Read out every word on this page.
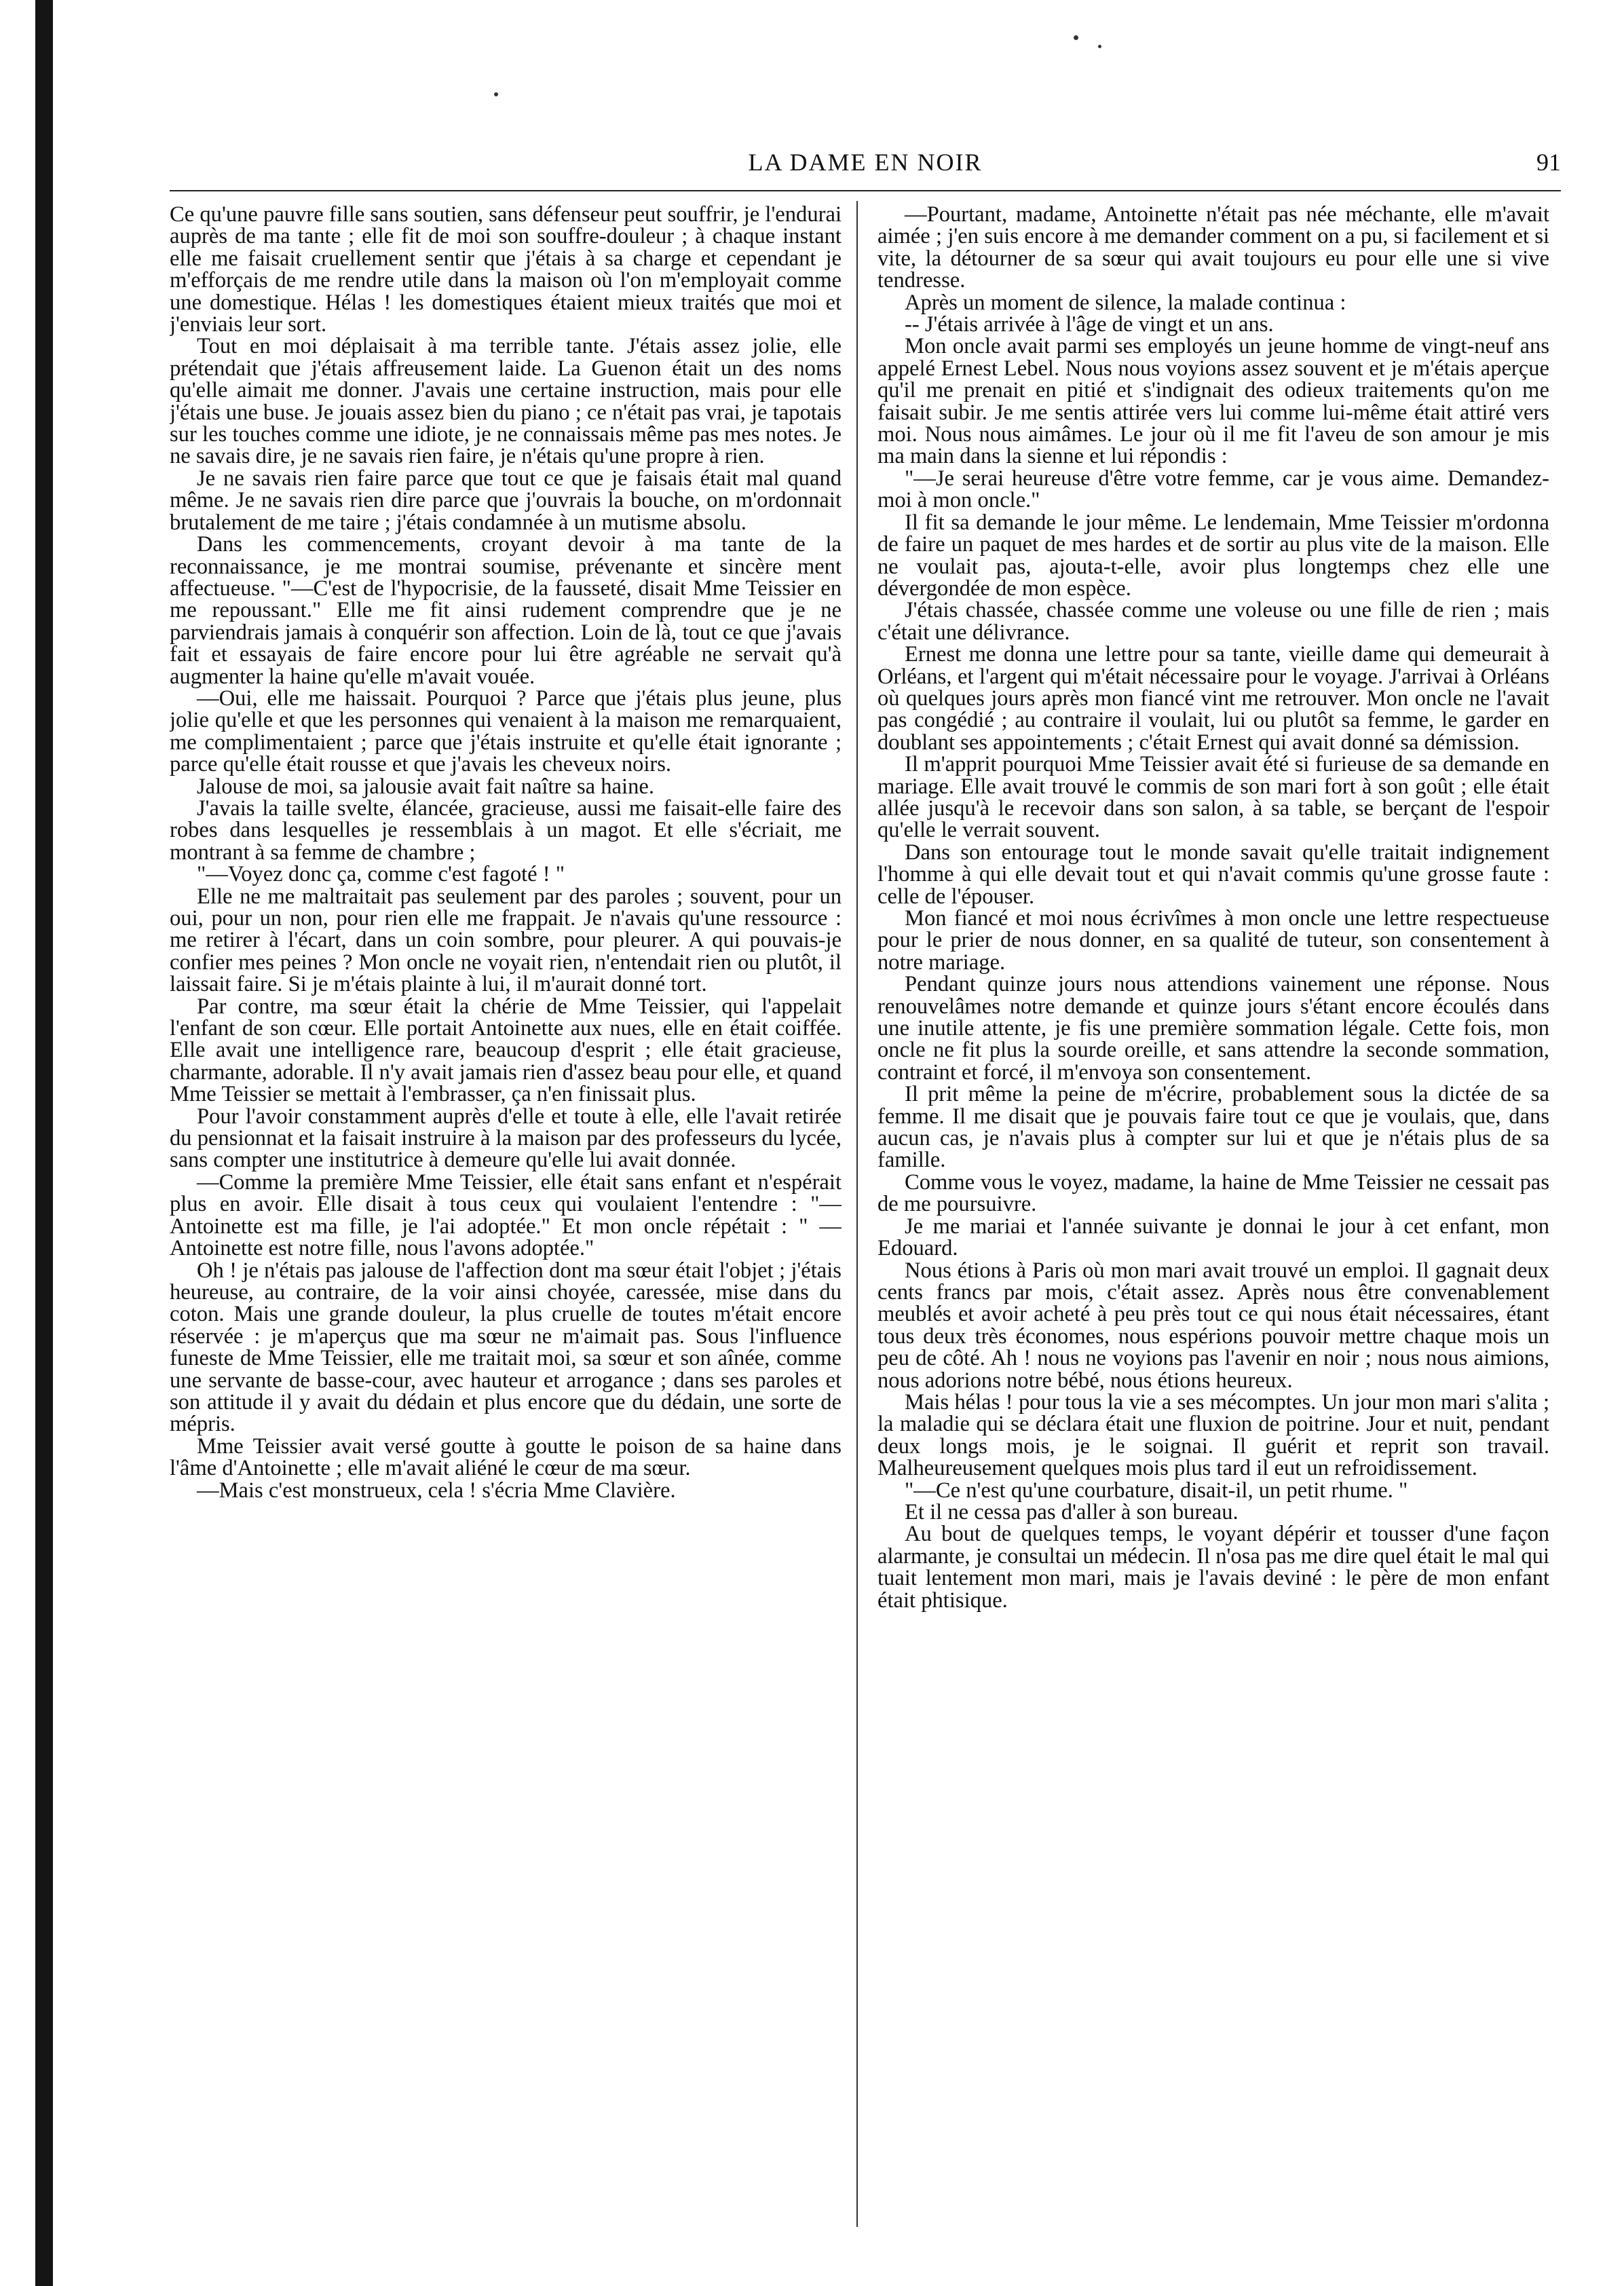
LA DAME EN NOIR	91

Ce qu'une pauvre fille sans soutien, sans défenseur peut souffrir, je l'endurai auprès de ma tante ; elle fit de moi son souffre-douleur ; à chaque instant elle me faisait cruellement sentir que j'étais à sa charge et cependant je m'efforçais de me rendre utile dans la maison où l'on m'employait comme une domestique. Hélas ! les domestiques étaient mieux traités que moi et j'enviais leur sort.

Tout en moi déplaisait à ma terrible tante. J'étais assez jolie, elle prétendait que j'étais affreusement laide. La Guenon était un des noms qu'elle aimait me donner. J'avais une certaine instruction, mais pour elle j'étais une buse. Je jouais assez bien du piano ; ce n'était pas vrai, je tapotais sur les touches comme une idiote, je ne connaissais même pas mes notes. Je ne savais dire, je ne savais rien faire, je n'étais qu'une propre à rien.

Je ne savais rien faire parce que tout ce que je faisais était mal quand même. Je ne savais rien dire parce que j'ouvrais la bouche, on m'ordonnait brutalement de me taire ; j'étais condamnée à un mutisme absolu.

Dans les commencements, croyant devoir à ma tante de la reconnaissance, je me montrai soumise, prévenante et sincère ment affectueuse. "—C'est de l'hypocrisie, de la fausseté, disait Mme Teissier en me repoussant." Elle me fit ainsi rudement comprendre que je ne parviendrais jamais à conquérir son affection. Loin de là, tout ce que j'avais fait et essayais de faire encore pour lui être agréable ne servait qu'à augmenter la haine qu'elle m'avait vouée.

—Oui, elle me haissait. Pourquoi ? Parce que j'étais plus jeune, plus jolie qu'elle et que les personnes qui venaient à la maison me remarquaient, me complimentaient ; parce que j'étais instruite et qu'elle était ignorante ; parce qu'elle était rousse et que j'avais les cheveux noirs.

Jalouse de moi, sa jalousie avait fait naître sa haine.

J'avais la taille svelte, élancée, gracieuse, aussi me faisait-elle faire des robes dans lesquelles je ressemblais à un magot. Et elle s'écriait, me montrant à sa femme de chambre ;

"—Voyez donc ça, comme c'est fagoté ! "

Elle ne me maltraitait pas seulement par des paroles ; souvent, pour un oui, pour un non, pour rien elle me frappait. Je n'avais qu'une ressource : me retirer à l'écart, dans un coin sombre, pour pleurer. A qui pouvais-je confier mes peines ? Mon oncle ne voyait rien, n'entendait rien ou plutôt, il laissait faire. Si je m'étais plainte à lui, il m'aurait donné tort.

Par contre, ma sœur était la chérie de Mme Teissier, qui l'appelait l'enfant de son cœur. Elle portait Antoinette aux nues, elle en était coiffée. Elle avait une intelligence rare, beaucoup d'esprit ; elle était gracieuse, charmante, adorable. Il n'y avait jamais rien d'assez beau pour elle, et quand Mme Teissier se mettait à l'embrasser, ça n'en finissait plus.

Pour l'avoir constamment auprès d'elle et toute à elle, elle l'avait retirée du pensionnat et la faisait instruire à la maison par des professeurs du lycée, sans compter une institutrice à demeure qu'elle lui avait donnée.

—Comme la première Mme Teissier, elle était sans enfant et n'espérait plus en avoir. Elle disait à tous ceux qui voulaient l'entendre : "—Antoinette est ma fille, je l'ai adoptée." Et mon oncle répétait : " — Antoinette est notre fille, nous l'avons adoptée."

Oh ! je n'étais pas jalouse de l'affection dont ma sœur était l'objet ; j'étais heureuse, au contraire, de la voir ainsi choyée, caressée, mise dans du coton. Mais une grande douleur, la plus cruelle de toutes m'était encore réservée : je m'aperçus que ma sœur ne m'aimait pas. Sous l'influence funeste de Mme Teissier, elle me traitait moi, sa sœur et son aînée, comme une servante de basse-cour, avec hauteur et arrogance ; dans ses paroles et son attitude il y avait du dédain et plus encore que du dédain, une sorte de mépris.

Mme Teissier avait versé goutte à goutte le poison de sa haine dans l'âme d'Antoinette ; elle m'avait aliéné le cœur de ma sœur.

—Mais c'est monstrueux, cela ! s'écria Mme Clavière.

—Pourtant, madame, Antoinette n'était pas née méchante, elle m'avait aimée ; j'en suis encore à me demander comment on a pu, si facilement et si vite, la détourner de sa sœur qui avait toujours eu pour elle une si vive tendresse.

Après un moment de silence, la malade continua :

-- J'étais arrivée à l'âge de vingt et un ans.

Mon oncle avait parmi ses employés un jeune homme de vingt-neuf ans appelé Ernest Lebel. Nous nous voyions assez souvent et je m'étais aperçue qu'il me prenait en pitié et s'indignait des odieux traitements qu'on me faisait subir. Je me sentis attirée vers lui comme lui-même était attiré vers moi. Nous nous aimâmes. Le jour où il me fit l'aveu de son amour je mis ma main dans la sienne et lui répondis :

"—Je serai heureuse d'être votre femme, car je vous aime. Demandez-moi à mon oncle."

Il fit sa demande le jour même. Le lendemain, Mme Teissier m'ordonna de faire un paquet de mes hardes et de sortir au plus vite de la maison. Elle ne voulait pas, ajouta-t-elle, avoir plus longtemps chez elle une dévergondée de mon espèce.

J'étais chassée, chassée comme une voleuse ou une fille de rien ; mais c'était une délivrance.

Ernest me donna une lettre pour sa tante, vieille dame qui demeurait à Orléans, et l'argent qui m'était nécessaire pour le voyage. J'arrivai à Orléans où quelques jours après mon fiancé vint me retrouver. Mon oncle ne l'avait pas congédié ; au contraire il voulait, lui ou plutôt sa femme, le garder en doublant ses appointements ; c'était Ernest qui avait donné sa démission.

Il m'apprit pourquoi Mme Teissier avait été si furieuse de sa demande en mariage. Elle avait trouvé le commis de son mari fort à son goût ; elle était allée jusqu'à le recevoir dans son salon, à sa table, se berçant de l'espoir qu'elle le verrait souvent.

Dans son entourage tout le monde savait qu'elle traitait indignement l'homme à qui elle devait tout et qui n'avait commis qu'une grosse faute : celle de l'épouser.

Mon fiancé et moi nous écrivîmes à mon oncle une lettre respectueuse pour le prier de nous donner, en sa qualité de tuteur, son consentement à notre mariage.

Pendant quinze jours nous attendions vainement une réponse. Nous renouvelâmes notre demande et quinze jours s'étant encore écoulés dans une inutile attente, je fis une première sommation légale. Cette fois, mon oncle ne fit plus la sourde oreille, et sans attendre la seconde sommation, contraint et forcé, il m'envoya son consentement.

Il prit même la peine de m'écrire, probablement sous la dictée de sa femme. Il me disait que je pouvais faire tout ce que je voulais, que, dans aucun cas, je n'avais plus à compter sur lui et que je n'étais plus de sa famille.

Comme vous le voyez, madame, la haine de Mme Teissier ne cessait pas de me poursuivre.

Je me mariai et l'année suivante je donnai le jour à cet enfant, mon Edouard.

Nous étions à Paris où mon mari avait trouvé un emploi. Il gagnait deux cents francs par mois, c'était assez. Après nous être convenablement meublés et avoir acheté à peu près tout ce qui nous était nécessaires, étant tous deux très économes, nous espérions pouvoir mettre chaque mois un peu de côté. Ah ! nous ne voyions pas l'avenir en noir ; nous nous aimions, nous adorions notre bébé, nous étions heureux.

Mais hélas ! pour tous la vie a ses mécomptes. Un jour mon mari s'alita ; la maladie qui se déclara était une fluxion de poitrine. Jour et nuit, pendant deux longs mois, je le soignai. Il guérit et reprit son travail. Malheureusement quelques mois plus tard il eut un refroidissement.

"—Ce n'est qu'une courbature, disait-il, un petit rhume. "

Et il ne cessa pas d'aller à son bureau.

Au bout de quelques temps, le voyant dépérir et tousser d'une façon alarmante, je consultai un médecin. Il n'osa pas me dire quel était le mal qui tuait lentement mon mari, mais je l'avais deviné : le père de mon enfant était phtisique.
